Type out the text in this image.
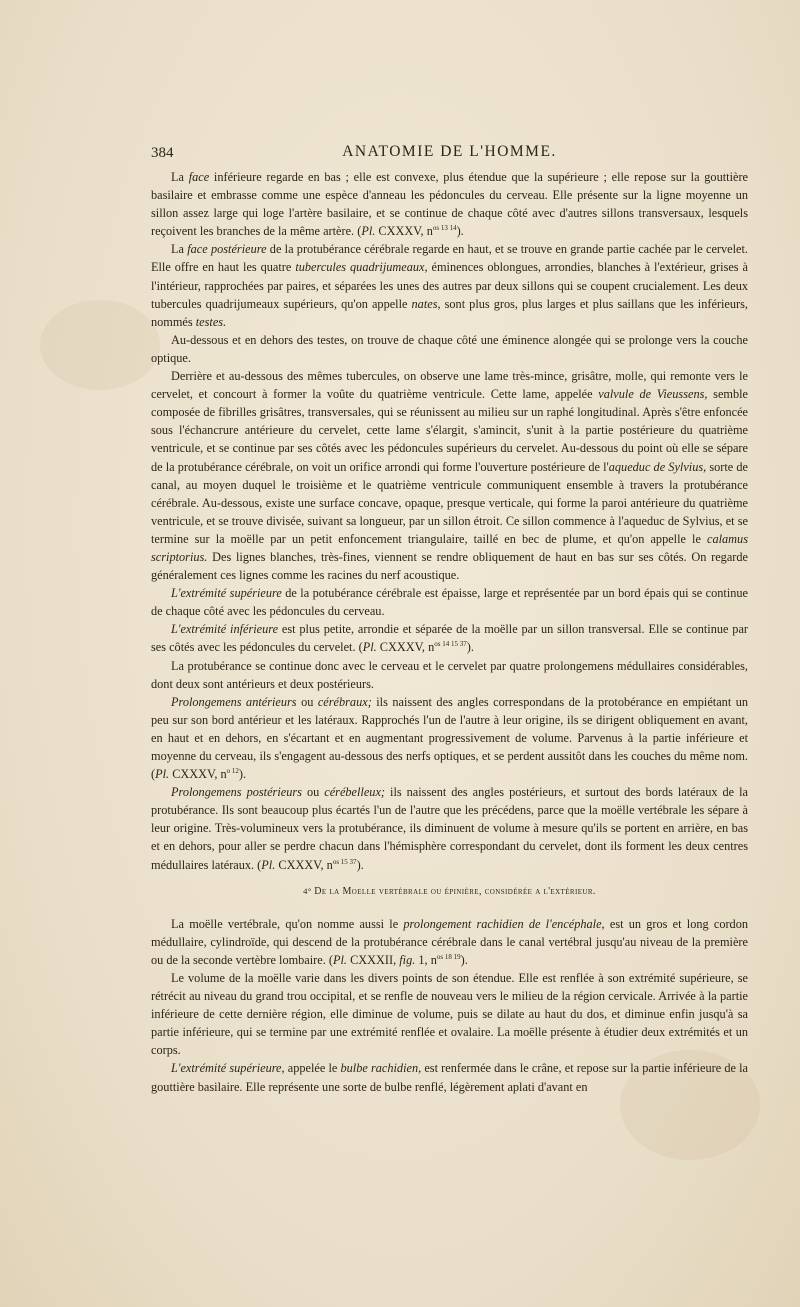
384	ANATOMIE DE L'HOMME.

La face inférieure regarde en bas ; elle est convexe, plus étendue que la supérieure ; elle repose sur la gouttière basilaire et embrasse comme une espèce d'anneau les pédoncules du cerveau. Elle présente sur la ligne moyenne un sillon assez large qui loge l'artère basilaire, et se continue de chaque côté avec d'autres sillons transversaux, lesquels reçoivent les branches de la même artère. (Pl. CXXXV, $n^{os 13 14}$).

La face postérieure de la protubérance cérébrale regarde en haut, et se trouve en grande partie cachée par le cervelet. Elle offre en haut les quatre tubercules quadrijumeaux, éminences oblongues, arrondies, blanches à l'extérieur, grises à l'intérieur, rapprochées par paires, et séparées les unes des autres par deux sillons qui se coupent crucialement. Les deux tubercules quadrijumeaux supérieurs, qu'on appelle nates, sont plus gros, plus larges et plus saillans que les inférieurs, nommés testes.

Au-dessous et en dehors des testes, on trouve de chaque côté une éminence alongée qui se prolonge vers la couche optique.

Derrière et au-dessous des mêmes tubercules, on observe une lame très-mince, grisâtre, molle, qui remonte vers le cervelet, et concourt à former la voûte du quatrième ventricule. Cette lame, appelée valvule de Vieussens, semble composée de fibrilles grisâtres, transversales, qui se réunissent au milieu sur un raphé longitudinal. Après s'être enfoncée sous l'échancrure antérieure du cervelet, cette lame s'élargit, s'amincit, s'unit à la partie postérieure du quatrième ventricule, et se continue par ses côtés avec les pédoncules supérieurs du cervelet. Au-dessous du point où elle se sépare de la protubérance cérébrale, on voit un orifice arrondi qui forme l'ouverture postérieure de l'aqueduc de Sylvius, sorte de canal, au moyen duquel le troisième et le quatrième ventricule communiquent ensemble à travers la protubérance cérébrale. Au-dessous, existe une surface concave, opaque, presque verticale, qui forme la paroi antérieure du quatrième ventricule, et se trouve divisée, suivant sa longueur, par un sillon étroit. Ce sillon commence à l'aqueduc de Sylvius, et se termine sur la moëlle par un petit enfoncement triangulaire, taillé en bec de plume, et qu'on appelle le calamus scriptorius. Des lignes blanches, très-fines, viennent se rendre obliquement de haut en bas sur ses côtés. On regarde généralement ces lignes comme les racines du nerf acoustique.

L'extrémité supérieure de la potubérance cérébrale est épaisse, large et représentée par un bord épais qui se continue de chaque côté avec les pédoncules du cerveau.

L'extrémité inférieure est plus petite, arrondie et séparée de la moëlle par un sillon transversal. Elle se continue par ses côtés avec les pédoncules du cervelet. (Pl. CXXXV, $n^{os 14 15 37}$).

La protubérance se continue donc avec le cerveau et le cervelet par quatre prolongemens médullaires considérables, dont deux sont antérieurs et deux postérieurs.

Prolongemens antérieurs ou cérébraux; ils naissent des angles correspondans de la protobérance en empiétant un peu sur son bord antérieur et les latéraux. Rapprochés l'un de l'autre à leur origine, ils se dirigent obliquement en avant, en haut et en dehors, en s'écartant et en augmentant progressivement de volume. Parvenus à la partie inférieure et moyenne du cerveau, ils s'engagent au-dessous des nerfs optiques, et se perdent aussitôt dans les couches du même nom. (Pl. CXXXV, $n^{o 12}$).

Prolongemens postérieurs ou cérébelleux; ils naissent des angles postérieurs, et surtout des bords latéraux de la protubérance. Ils sont beaucoup plus écartés l'un de l'autre que les précédens, parce que la moëlle vertébrale les sépare à leur origine. Très-volumineux vers la protubérance, ils diminuent de volume à mesure qu'ils se portent en arrière, en bas et en dehors, pour aller se perdre chacun dans l'hémisphère correspondant du cervelet, dont ils forment les deux centres médullaires latéraux. (Pl. CXXXV, $n^{os 15 37}$).

4° De la Moelle vertébrale ou épinière, considérée a l'extérieur.

La moëlle vertébrale, qu'on nomme aussi le prolongement rachidien de l'encéphale, est un gros et long cordon médullaire, cylindroïde, qui descend de la protubérance cérébrale dans le canal vertébral jusqu'au niveau de la première ou de la seconde vertèbre lombaire. (Pl. CXXXII, fig. 1, $n^{os 18 19}$).

Le volume de la moëlle varie dans les divers points de son étendue. Elle est renflée à son extrémité supérieure, se rétrécit au niveau du grand trou occipital, et se renfle de nouveau vers le milieu de la région cervicale. Arrivée à la partie inférieure de cette dernière région, elle diminue de volume, puis se dilate au haut du dos, et diminue enfin jusqu'à sa partie inférieure, qui se termine par une extrémité renflée et ovalaire. La moëlle présente à étudier deux extrémités et un corps.

L'extrémité supérieure, appelée le bulbe rachidien, est renfermée dans le crâne, et repose sur la partie inférieure de la gouttière basilaire. Elle représente une sorte de bulbe renflé, légèrement aplati d'avant en
